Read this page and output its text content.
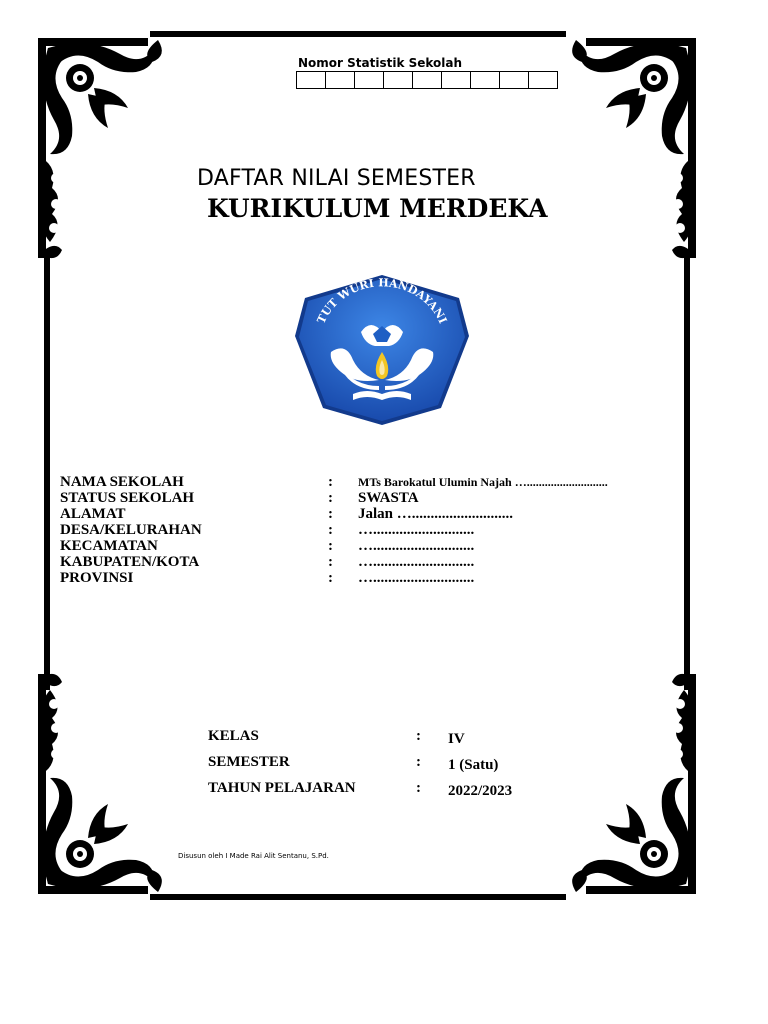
Nomor Statistik Sekolah
DAFTAR NILAI SEMESTER
KURIKULUM MERDEKA
TUT WURI HANDAYANI
NAMA SEKOLAH	: MTs Barokatul Ulumin Najah …...........................
STATUS SEKOLAH	: SWASTA
ALAMAT	: Jalan …...........................
DESA/KELURAHAN	: …...........................
KECAMATAN	: …...........................
KABUPATEN/KOTA	: …...........................
PROVINSI	: …...........................
KELAS	: IV
SEMESTER	: 1 (Satu)
TAHUN PELAJARAN	: 2022/2023
Disusun oleh I Made Rai Alit Sentanu, S.Pd.
